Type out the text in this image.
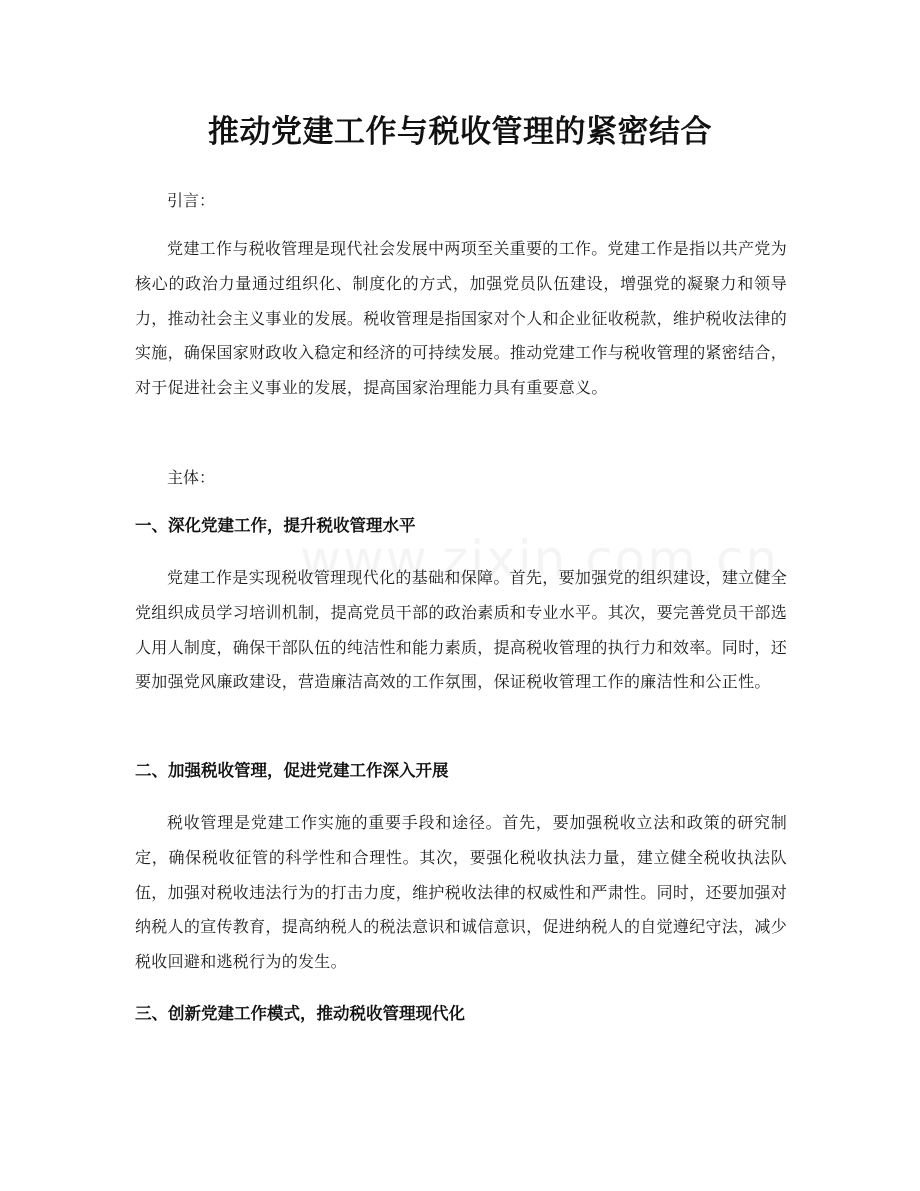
推动党建工作与税收管理的紧密结合

引言：

党建工作与税收管理是现代社会发展中两项至关重要的工作。党建工作是指以共产党为核心的政治力量通过组织化、制度化的方式，加强党员队伍建设，增强党的凝聚力和领导力，推动社会主义事业的发展。税收管理是指国家对个人和企业征收税款，维护税收法律的实施，确保国家财政收入稳定和经济的可持续发展。推动党建工作与税收管理的紧密结合，对于促进社会主义事业的发展，提高国家治理能力具有重要意义。

主体：

一、深化党建工作，提升税收管理水平

党建工作是实现税收管理现代化的基础和保障。首先，要加强党的组织建设，建立健全党组织成员学习培训机制，提高党员干部的政治素质和专业水平。其次，要完善党员干部选人用人制度，确保干部队伍的纯洁性和能力素质，提高税收管理的执行力和效率。同时，还要加强党风廉政建设，营造廉洁高效的工作氛围，保证税收管理工作的廉洁性和公正性。

二、加强税收管理，促进党建工作深入开展

税收管理是党建工作实施的重要手段和途径。首先，要加强税收立法和政策的研究制定，确保税收征管的科学性和合理性。其次，要强化税收执法力量，建立健全税收执法队伍，加强对税收违法行为的打击力度，维护税收法律的权威性和严肃性。同时，还要加强对纳税人的宣传教育，提高纳税人的税法意识和诚信意识，促进纳税人的自觉遵纪守法，减少税收回避和逃税行为的发生。

三、创新党建工作模式，推动税收管理现代化
